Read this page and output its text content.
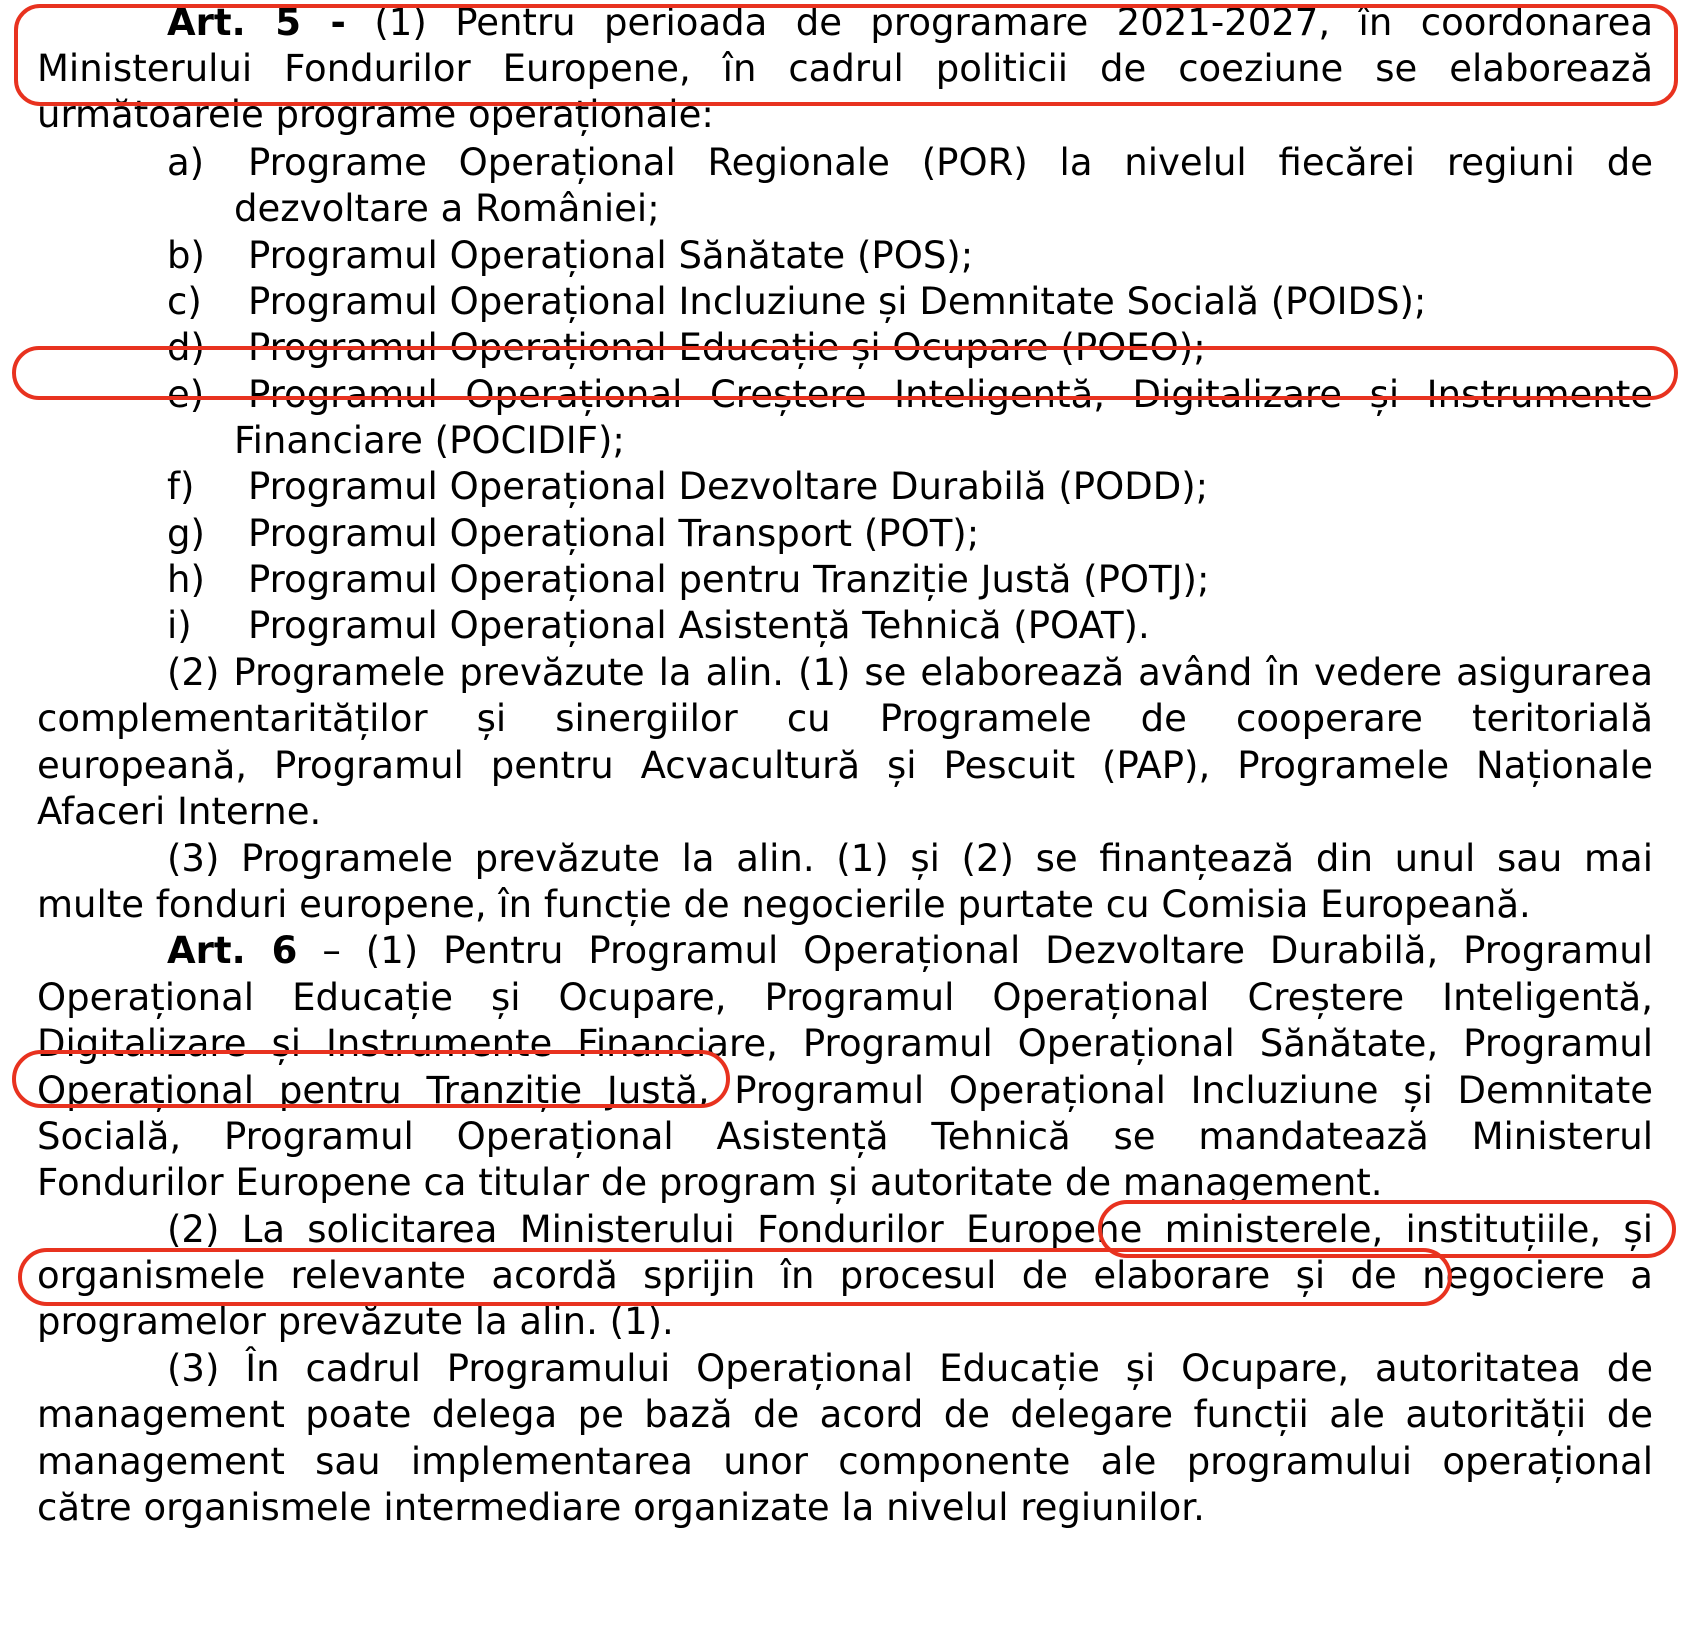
Art. 5 - (1) Pentru perioada de programare 2021-2027, în coordonarea
Ministerului Fondurilor Europene, în cadrul politicii de coeziune se elaborează
următoarele programe operaționale:
a) Programe Operațional Regionale (POR) la nivelul fiecărei regiuni de
dezvoltare a României;
b) Programul Operațional Sănătate (POS);
c) Programul Operațional Incluziune și Demnitate Socială (POIDS);
d) Programul Operațional Educație și Ocupare (POEO);
e) Programul Operațional Creștere Inteligentă, Digitalizare și Instrumente
Financiare (POCIDIF);
f) Programul Operațional Dezvoltare Durabilă (PODD);
g) Programul Operațional Transport (POT);
h) Programul Operațional pentru Tranziție Justă (POTJ);
i) Programul Operațional Asistență Tehnică (POAT).
(2) Programele prevăzute la alin. (1) se elaborează având în vedere asigurarea
complementarităților și sinergiilor cu Programele de cooperare teritorială
europeană, Programul pentru Acvacultură și Pescuit (PAP), Programele Naționale
Afaceri Interne.
(3) Programele prevăzute la alin. (1) și (2) se finanțează din unul sau mai
multe fonduri europene, în funcție de negocierile purtate cu Comisia Europeană.
Art. 6 – (1) Pentru Programul Operațional Dezvoltare Durabilă, Programul
Operațional Educație și Ocupare, Programul Operațional Creștere Inteligentă,
Digitalizare și Instrumente Financiare, Programul Operațional Sănătate, Programul
Operațional pentru Tranziție Justă, Programul Operațional Incluziune și Demnitate
Socială, Programul Operațional Asistență Tehnică se mandatează Ministerul
Fondurilor Europene ca titular de program și autoritate de management.
(2) La solicitarea Ministerului Fondurilor Europene ministerele, instituțiile, și
organismele relevante acordă sprijin în procesul de elaborare și de negociere a
programelor prevăzute la alin. (1).
(3) În cadrul Programului Operațional Educație și Ocupare, autoritatea de
management poate delega pe bază de acord de delegare funcții ale autorității de
management sau implementarea unor componente ale programului operațional
către organismele intermediare organizate la nivelul regiunilor.
